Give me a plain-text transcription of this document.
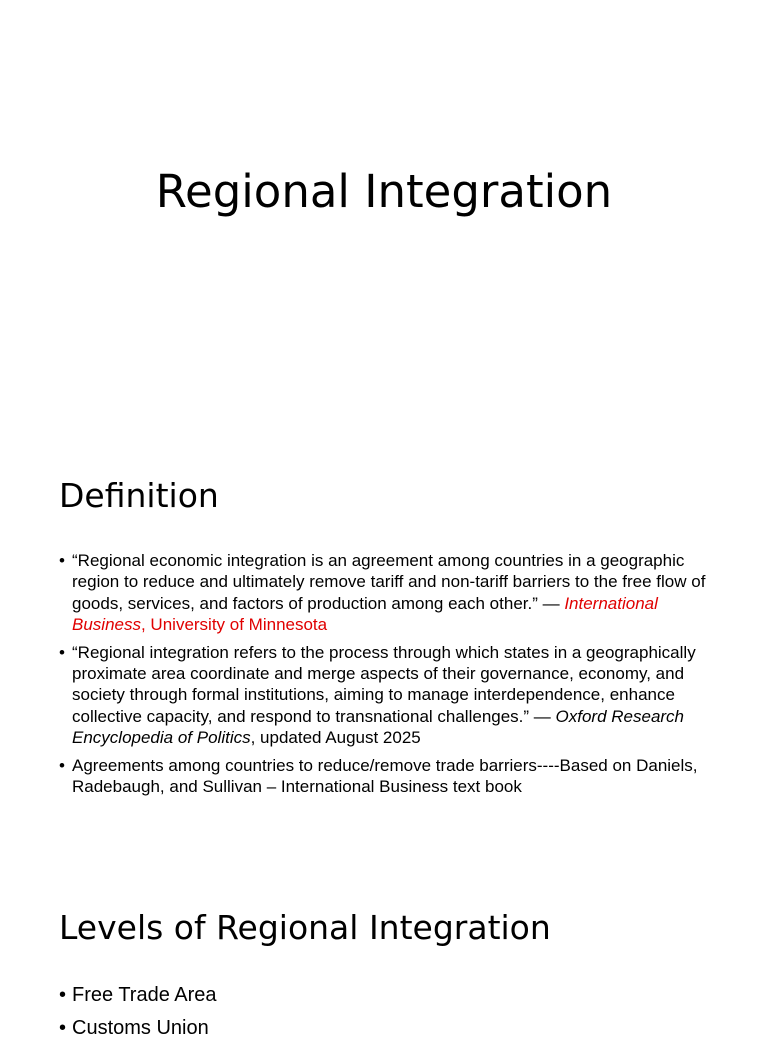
Regional Integration
Definition
• “Regional economic integration is an agreement among countries in a geographic region to reduce and ultimately remove tariff and non-tariff barriers to the free flow of goods, services, and factors of production among each other.” — International Business, University of Minnesota
• “Regional integration refers to the process through which states in a geographically proximate area coordinate and merge aspects of their governance, economy, and society through formal institutions, aiming to manage interdependence, enhance collective capacity, and respond to transnational challenges.” — Oxford Research Encyclopedia of Politics, updated August 2025
• Agreements among countries to reduce/remove trade barriers----Based on Daniels, Radebaugh, and Sullivan – International Business text book
Levels of Regional Integration
• Free Trade Area
• Customs Union
